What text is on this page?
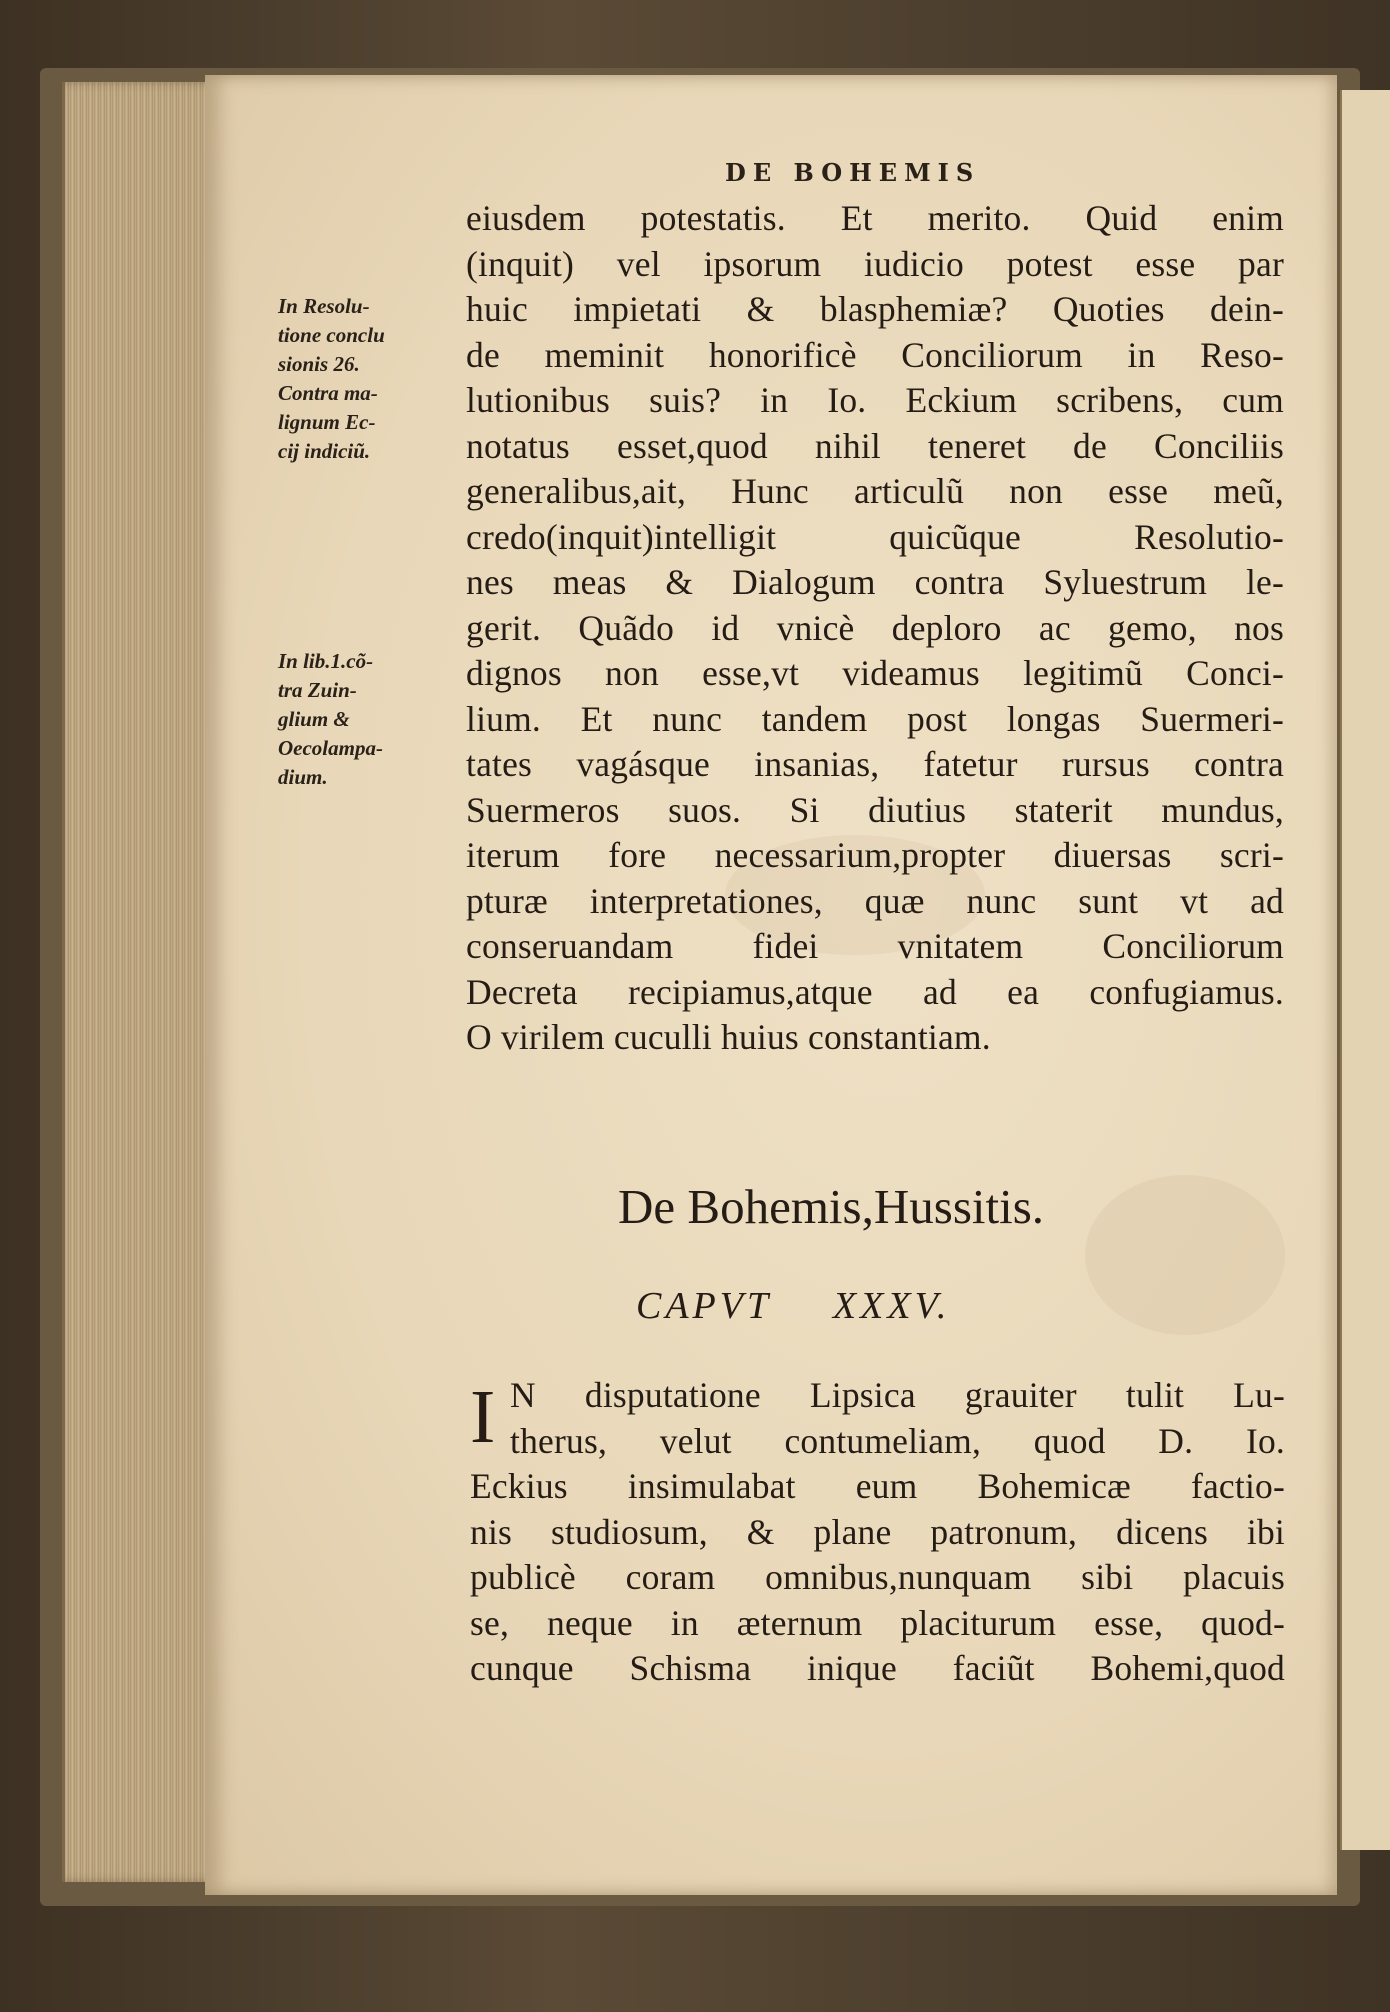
DE BOHEMIS
eiusdem potestatis. Et merito. Quid enim
(inquit) vel ipsorum iudicio potest esse par
huic impietati & blasphemiæ? Quoties dein-
de meminit honorificè Conciliorum in Reso-
lutionibus suis? in Io. Eckium scribens, cum
notatus esset,quod nihil teneret de Conciliis
generalibus,ait, Hunc articulũ non esse meũ,
credo(inquit)intelligit quicũque Resolutio-
nes meas & Dialogum contra Syluestrum le-
gerit. Quãdo id vnicè deploro ac gemo, nos
dignos non esse,vt videamus legitimũ Conci-
lium. Et nunc tandem post longas Suermeri-
tates vagásque insanias, fatetur rursus contra
Suermeros suos. Si diutius staterit mundus,
iterum fore necessarium,propter diuersas scri-
pturæ interpretationes, quæ nunc sunt vt ad
conseruandam fidei vnitatem Conciliorum
Decreta recipiamus,atque ad ea confugiamus.
O virilem cuculli huius constantiam.
In Resolu-
tione conclu
sionis 26.
Contra ma-
lignum Ec-
cij indiciũ.
In lib.1.cõ-
tra Zuin-
glium &
Oecolampa-
dium.
De Bohemis,Hussitis.
CAPVT XXXV.
I N disputatione Lipsica grauiter tulit Lu-
therus, velut contumeliam, quod D. Io.
Eckius insimulabat eum Bohemicæ factio-
nis studiosum, & plane patronum, dicens ibi
publicè coram omnibus,nunquam sibi placuis
se, neque in æternum placiturum esse, quod-
cunque Schisma inique faciũt Bohemi,quod
